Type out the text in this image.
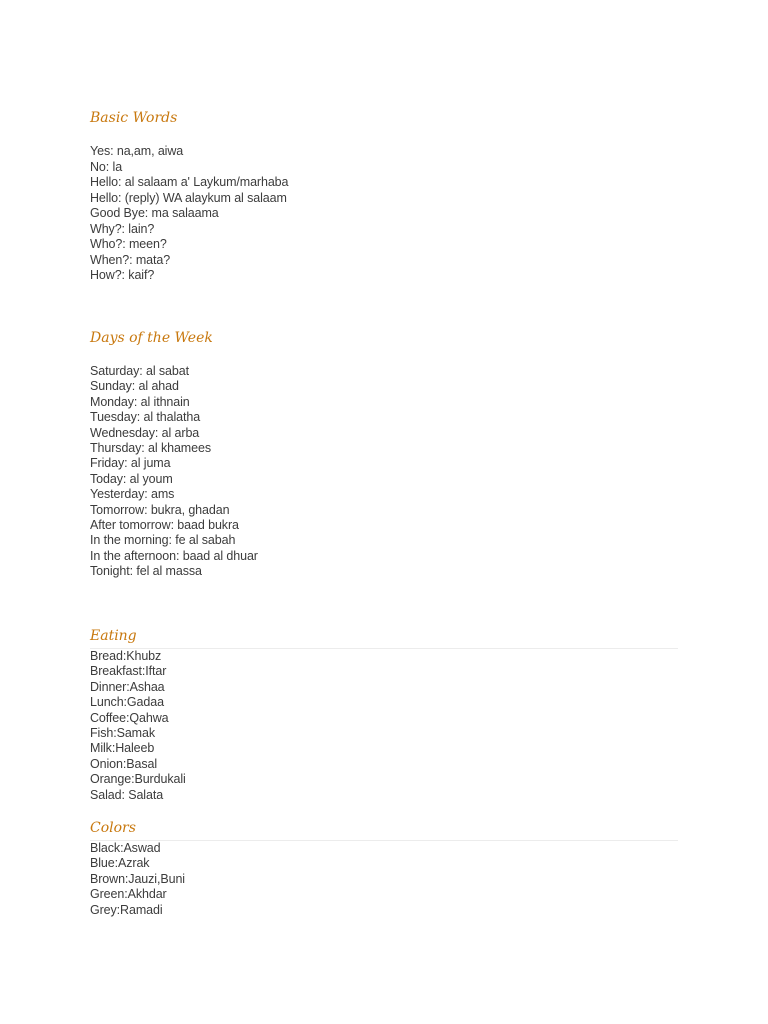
Basic Words
Yes: na,am, aiwa
No: la
Hello: al salaam a' Laykum/marhaba
Hello: (reply) WA alaykum al salaam
Good Bye: ma salaama
Why?: lain?
Who?: meen?
When?: mata?
How?: kaif?
Days of the Week
Saturday: al sabat
Sunday: al ahad
Monday: al ithnain
Tuesday: al thalatha
Wednesday: al arba
Thursday: al khamees
Friday: al juma
Today: al youm
Yesterday: ams
Tomorrow: bukra, ghadan
After tomorrow: baad bukra
In the morning: fe al sabah
In the afternoon: baad al dhuar
Tonight: fel al massa
Eating
Bread:Khubz
Breakfast:Iftar
Dinner:Ashaa
Lunch:Gadaa
Coffee:Qahwa
Fish:Samak
Milk:Haleeb
Onion:Basal
Orange:Burdukali
Salad: Salata
Colors
Black:Aswad
Blue:Azrak
Brown:Jauzi,Buni
Green:Akhdar
Grey:Ramadi
